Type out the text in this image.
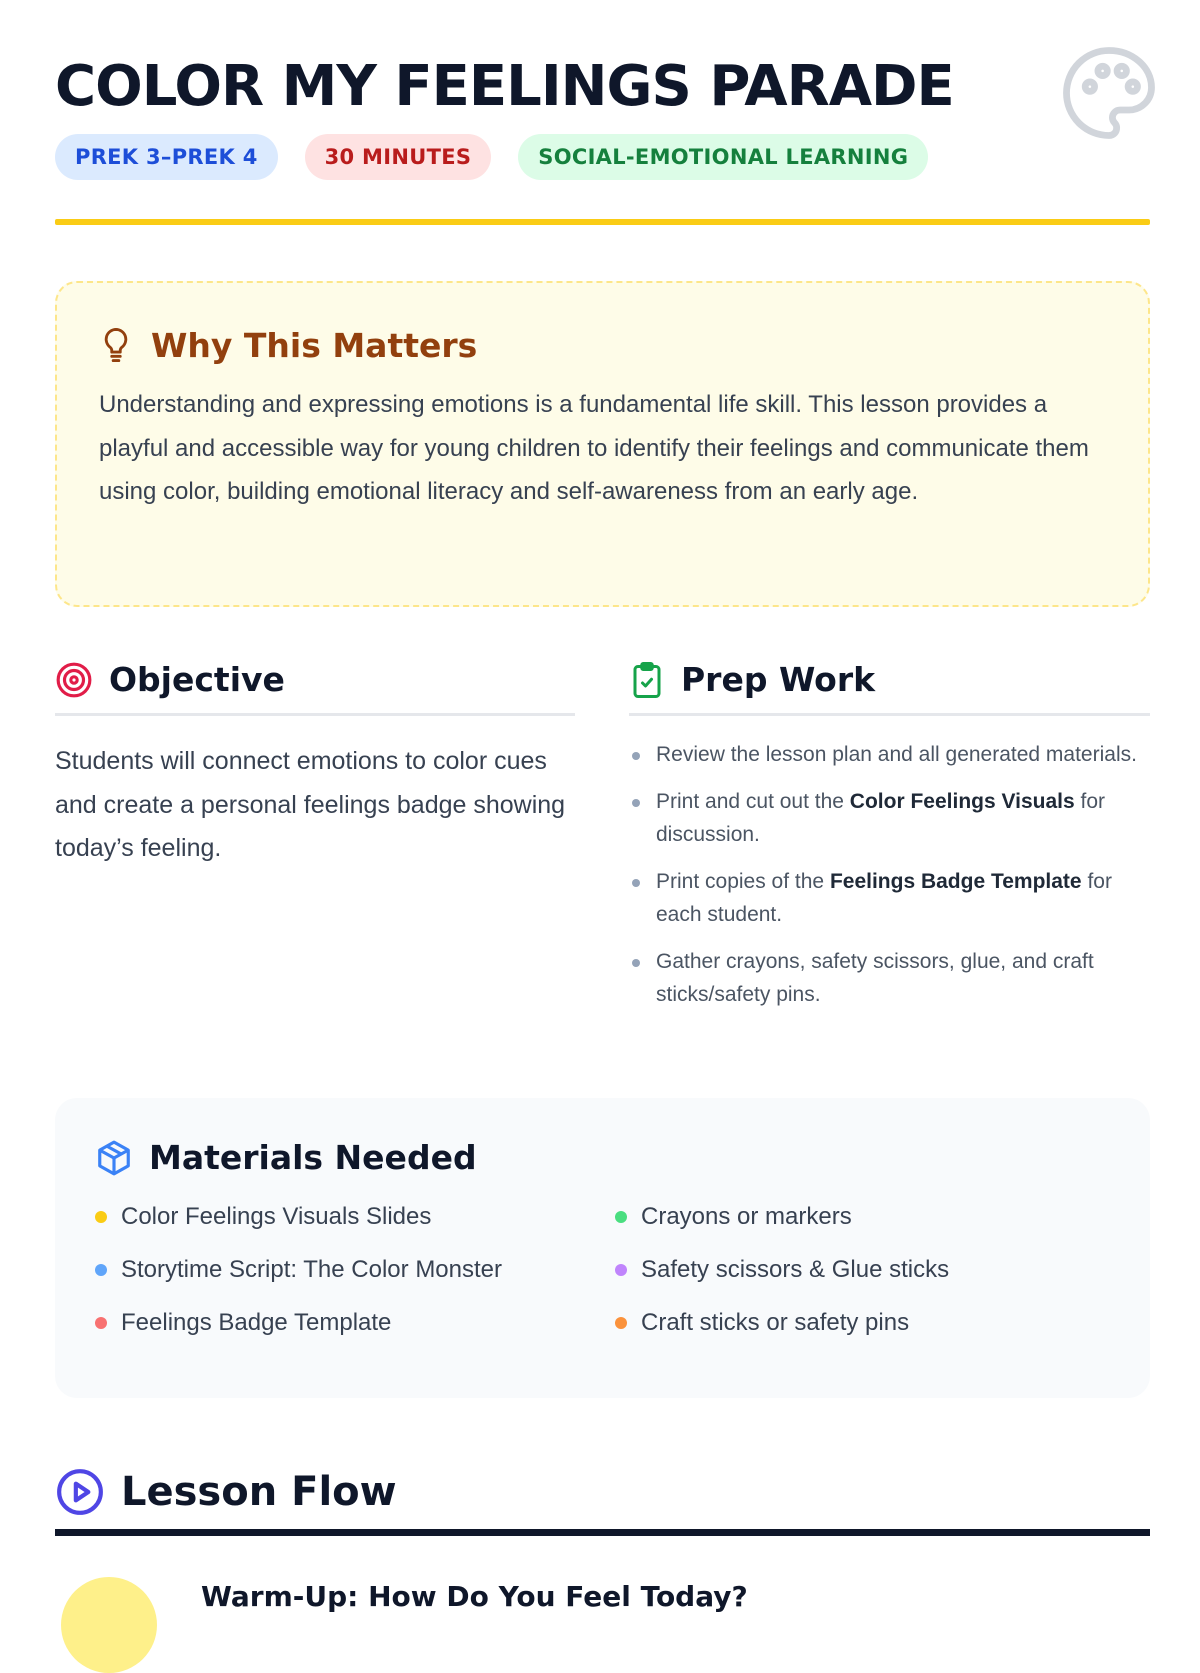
COLOR MY FEELINGS PARADE
PREK 3–PREK 4	30 MINUTES	SOCIAL-EMOTIONAL LEARNING
Why This Matters

Understanding and expressing emotions is a fundamental life skill. This lesson provides a playful and accessible way for young children to identify their feelings and communicate them using color, building emotional literacy and self-awareness from an early age.

Objective

Students will connect emotions to color cues and create a personal feelings badge showing today’s feeling.

Prep Work
Review the lesson plan and all generated materials.
Print and cut out the Color Feelings Visuals for discussion.
Print copies of the Feelings Badge Template for each student.
Gather crayons, safety scissors, glue, and craft sticks/safety pins.
Materials Needed
Color Feelings Visuals Slides	Crayons or markers
Storytime Script: The Color Monster	Safety scissors & Glue sticks
Feelings Badge Template	Craft sticks or safety pins
Lesson Flow
Warm-Up: How Do You Feel Today?
